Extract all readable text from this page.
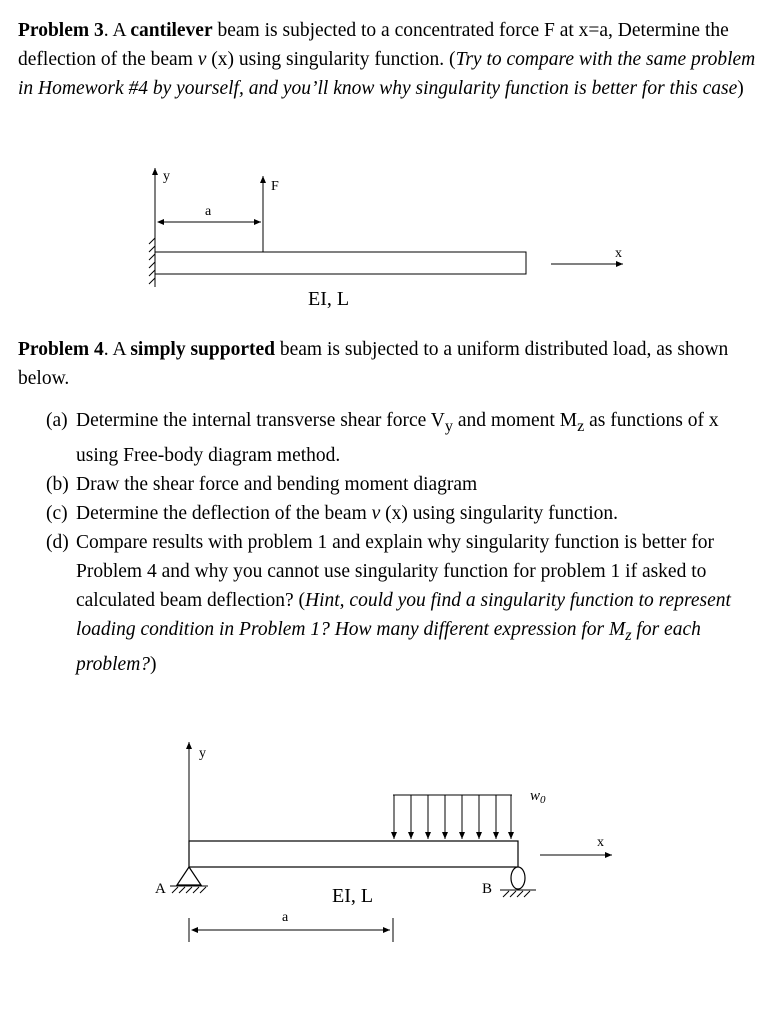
Problem 3. A cantilever beam is subjected to a concentrated force F at x=a, Determine the deflection of the beam v (x) using singularity function. (Try to compare with the same problem in Homework #4 by yourself, and you’ll know why singularity function is better for this case)
y
F
a
x
EI, L
y
$w_0$
x
A	B
EI, L
a
Problem 4. A simply supported beam is subjected to a uniform distributed load, as shown below.
(a) Determine the internal transverse shear force $V_y$ and moment $M_z$ as functions of x using Free-body diagram method.
(b) Draw the shear force and bending moment diagram
(c) Determine the deflection of the beam v (x) using singularity function.
(d) Compare results with problem 1 and explain why singularity function is better for Problem 4 and why you cannot use singularity function for problem 1 if asked to calculated beam deflection? (Hint, could you find a singularity function to represent loading condition in Problem 1? How many different expression for $M_z$ for each problem?)
